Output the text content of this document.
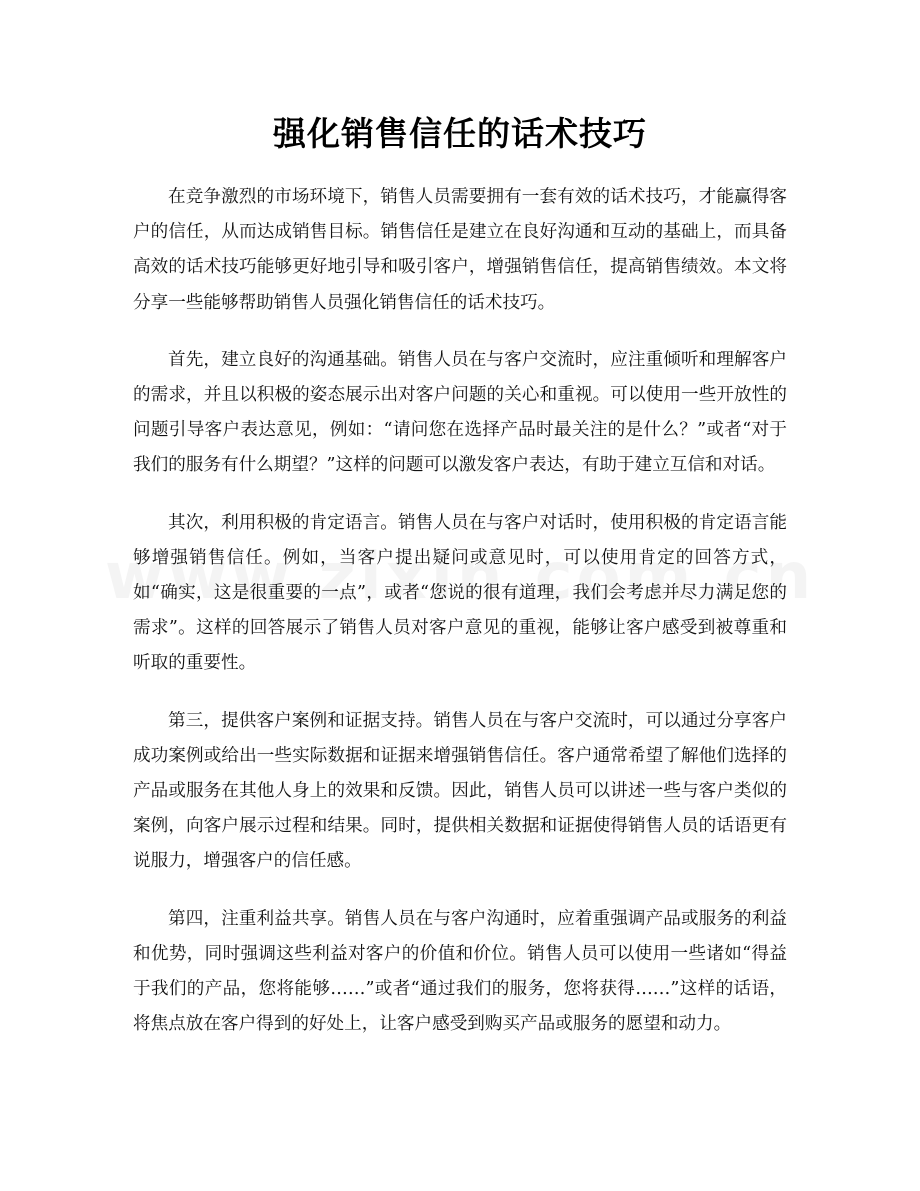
强化销售信任的话术技巧

在竞争激烈的市场环境下，销售人员需要拥有一套有效的话术技巧，才能赢得客户的信任，从而达成销售目标。销售信任是建立在良好沟通和互动的基础上，而具备高效的话术技巧能够更好地引导和吸引客户，增强销售信任，提高销售绩效。本文将分享一些能够帮助销售人员强化销售信任的话术技巧。

首先，建立良好的沟通基础。销售人员在与客户交流时，应注重倾听和理解客户的需求，并且以积极的姿态展示出对客户问题的关心和重视。可以使用一些开放性的问题引导客户表达意见，例如：“请问您在选择产品时最关注的是什么？”或者“对于我们的服务有什么期望？”这样的问题可以激发客户表达，有助于建立互信和对话。

其次，利用积极的肯定语言。销售人员在与客户对话时，使用积极的肯定语言能够增强销售信任。例如，当客户提出疑问或意见时，可以使用肯定的回答方式，如“确实，这是很重要的一点”，或者“您说的很有道理，我们会考虑并尽力满足您的需求”。这样的回答展示了销售人员对客户意见的重视，能够让客户感受到被尊重和听取的重要性。

第三，提供客户案例和证据支持。销售人员在与客户交流时，可以通过分享客户成功案例或给出一些实际数据和证据来增强销售信任。客户通常希望了解他们选择的产品或服务在其他人身上的效果和反馈。因此，销售人员可以讲述一些与客户类似的案例，向客户展示过程和结果。同时，提供相关数据和证据使得销售人员的话语更有说服力，增强客户的信任感。

第四，注重利益共享。销售人员在与客户沟通时，应着重强调产品或服务的利益和优势，同时强调这些利益对客户的价值和价位。销售人员可以使用一些诸如“得益于我们的产品，您将能够……”或者“通过我们的服务，您将获得……”这样的话语，将焦点放在客户得到的好处上，让客户感受到购买产品或服务的愿望和动力。
